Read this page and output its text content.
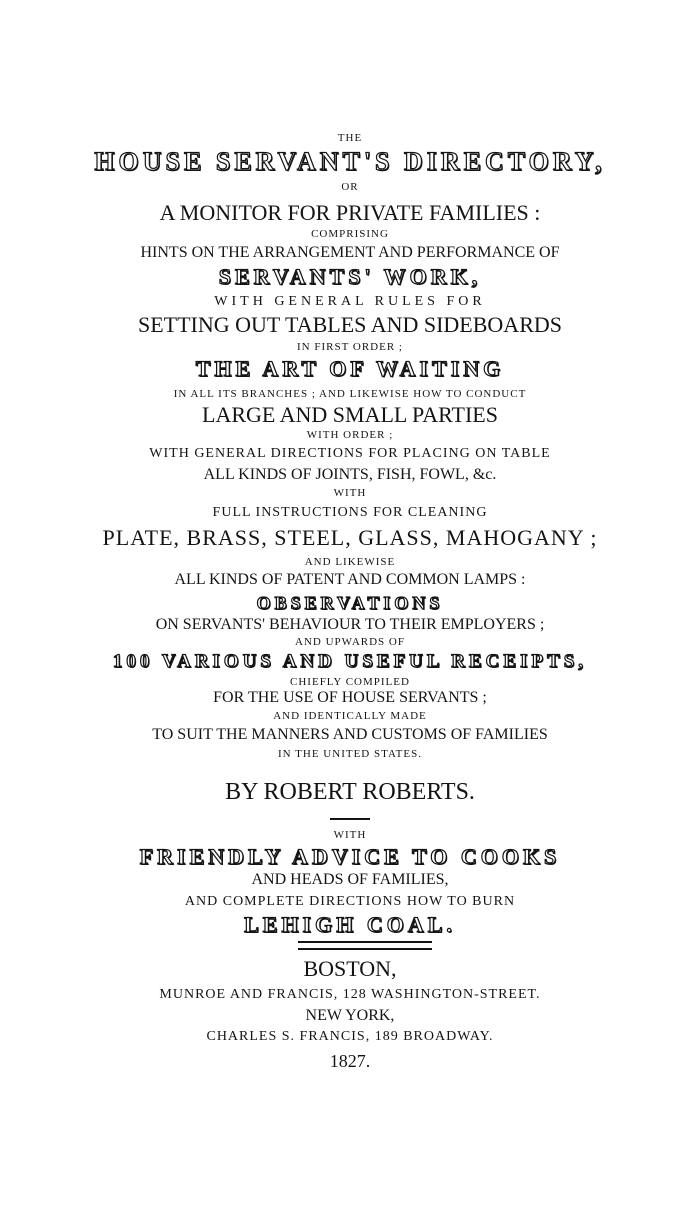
THE
HOUSE SERVANT'S DIRECTORY,
OR
A MONITOR FOR PRIVATE FAMILIES :
COMPRISING
HINTS ON THE ARRANGEMENT AND PERFORMANCE OF
SERVANTS' WORK,
WITH GENERAL RULES FOR
SETTING OUT TABLES AND SIDEBOARDS
IN FIRST ORDER ;
THE ART OF WAITING
IN ALL ITS BRANCHES ; AND LIKEWISE HOW TO CONDUCT
LARGE AND SMALL PARTIES
WITH ORDER ;
WITH GENERAL DIRECTIONS FOR PLACING ON TABLE
ALL KINDS OF JOINTS, FISH, FOWL, &c.
WITH
FULL INSTRUCTIONS FOR CLEANING
PLATE, BRASS, STEEL, GLASS, MAHOGANY ;
AND LIKEWISE
ALL KINDS OF PATENT AND COMMON LAMPS :
OBSERVATIONS
ON SERVANTS' BEHAVIOUR TO THEIR EMPLOYERS ;
AND UPWARDS OF
100 VARIOUS AND USEFUL RECEIPTS,
CHIEFLY COMPILED
FOR THE USE OF HOUSE SERVANTS ;
AND IDENTICALLY MADE
TO SUIT THE MANNERS AND CUSTOMS OF FAMILIES
IN THE UNITED STATES.
BY ROBERT ROBERTS.
WITH
FRIENDLY ADVICE TO COOKS
AND HEADS OF FAMILIES,
AND COMPLETE DIRECTIONS HOW TO BURN
LEHIGH COAL.
BOSTON,
MUNROE AND FRANCIS, 128 WASHINGTON-STREET.
NEW YORK,
CHARLES S. FRANCIS, 189 BROADWAY.
1827.
